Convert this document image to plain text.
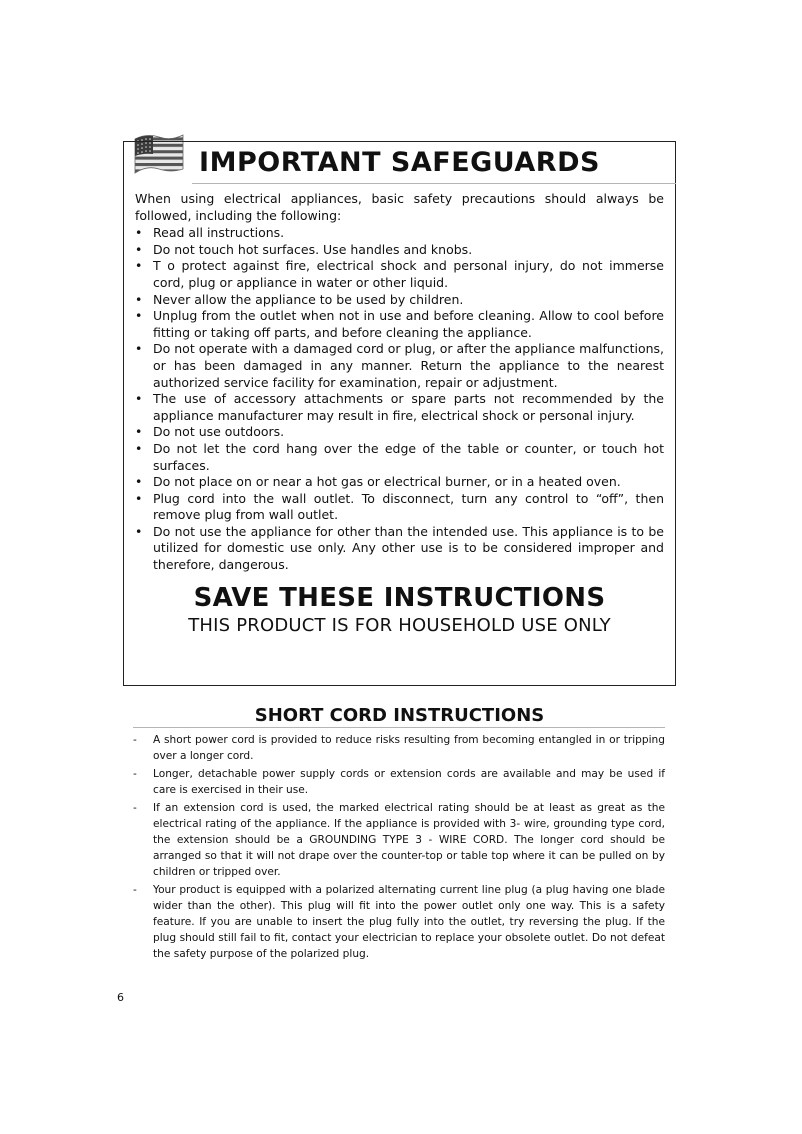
IMPORTANT SAFEGUARDS

When using electrical appliances, basic safety precautions should always be followed, including the following:

• Read all instructions.
• Do not touch hot surfaces. Use handles and knobs.
• T o protect against fire, electrical shock and personal injury, do not immerse cord, plug or appliance in water or other liquid.
• Never allow the appliance to be used by children.
• Unplug from the outlet when not in use and before cleaning. Allow to cool before fitting or taking off parts, and before cleaning the appliance.
• Do not operate with a damaged cord or plug, or after the appliance malfunctions, or has been damaged in any manner. Return the appliance to the nearest authorized service facility for examination, repair or adjustment.
• The use of accessory attachments or spare parts not recommended by the appliance manufacturer may result in fire, electrical shock or personal injury.
• Do not use outdoors.
• Do not let the cord hang over the edge of the table or counter, or touch hot surfaces.
• Do not place on or near a hot gas or electrical burner, or in a heated oven.
• Plug cord into the wall outlet. To disconnect, turn any control to “off”, then remove plug from wall outlet.
• Do not use the appliance for other than the intended use. This appliance is to be utilized for domestic use only. Any other use is to be considered improper and therefore, dangerous.
SAVE THESE INSTRUCTIONS
THIS PRODUCT IS FOR HOUSEHOLD USE ONLY
SHORT CORD INSTRUCTIONS
- A short power cord is provided to reduce risks resulting from becoming entangled in or tripping over a longer cord.
- Longer, detachable power supply cords or extension cords are available and may be used if care is exercised in their use.
- If an extension cord is used, the marked electrical rating should be at least as great as the electrical rating of the appliance. If the appliance is provided with 3- wire, grounding type cord, the extension should be a GROUNDING TYPE 3 - WIRE CORD. The longer cord should be arranged so that it will not drape over the counter-top or table top where it can be pulled on by children or tripped over.
- Your product is equipped with a polarized alternating current line plug (a plug having one blade wider than the other). This plug will fit into the power outlet only one way. This is a safety feature. If you are unable to insert the plug fully into the outlet, try reversing the plug. If the plug should still fail to fit, contact your electrician to replace your obsolete outlet. Do not defeat the safety purpose of the polarized plug.
6
